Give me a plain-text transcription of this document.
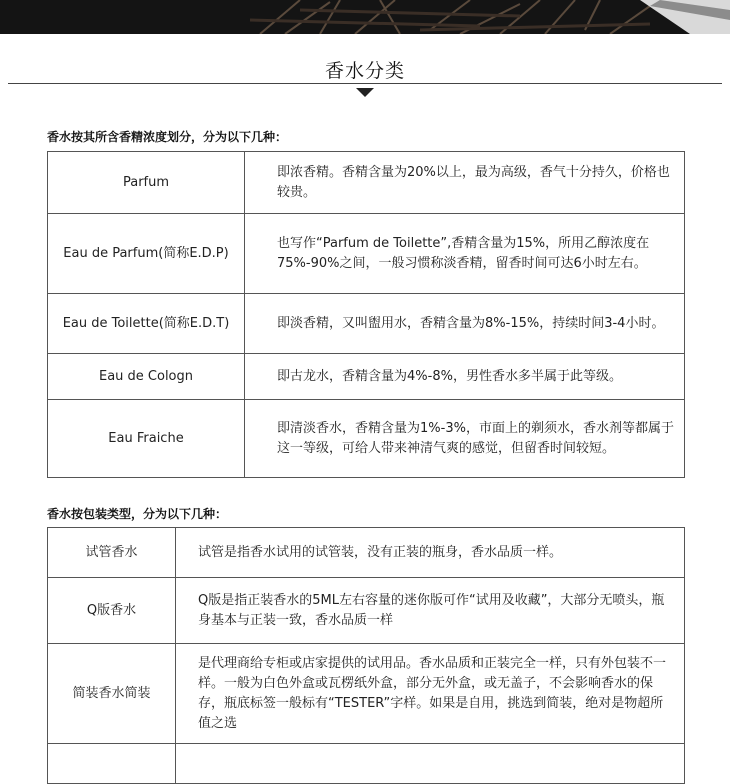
香水分类
香水按其所含香精浓度划分，分为以下几种：
Parfum	即浓香精。香精含量为20%以上，最为高级，香气十分持久，价格也较贵。
Eau de Parfum(简称E.D.P)	也写作“Parfum de Toilette”,香精含量为15%，所用乙醇浓度在75%-90%之间，一般习惯称淡香精，留香时间可达6小时左右。
Eau de Toilette(简称E.D.T)	即淡香精，又叫盥用水，香精含量为8%-15%，持续时间3-4小时。
Eau de Cologn	即古龙水，香精含量为4%-8%，男性香水多半属于此等级。
Eau Fraiche	即清淡香水，香精含量为1%-3%，市面上的剃须水，香水剂等都属于这一等级，可给人带来神清气爽的感觉，但留香时间较短。
香水按包装类型，分为以下几种：
试管香水	试管是指香水试用的试管装，没有正装的瓶身，香水品质一样。
Q版香水	Q版是指正装香水的5ML左右容量的迷你版可作“试用及收藏”，大部分无喷头，瓶身基本与正装一致，香水品质一样
简装香水简装	是代理商给专柜或店家提供的试用品。香水品质和正装完全一样，只有外包装不一样。一般为白色外盒或瓦楞纸外盒，部分无外盒，或无盖子，不会影响香水的保存，瓶底标签一般标有“TESTER”字样。如果是自用，挑选到简装，绝对是物超所值之选
